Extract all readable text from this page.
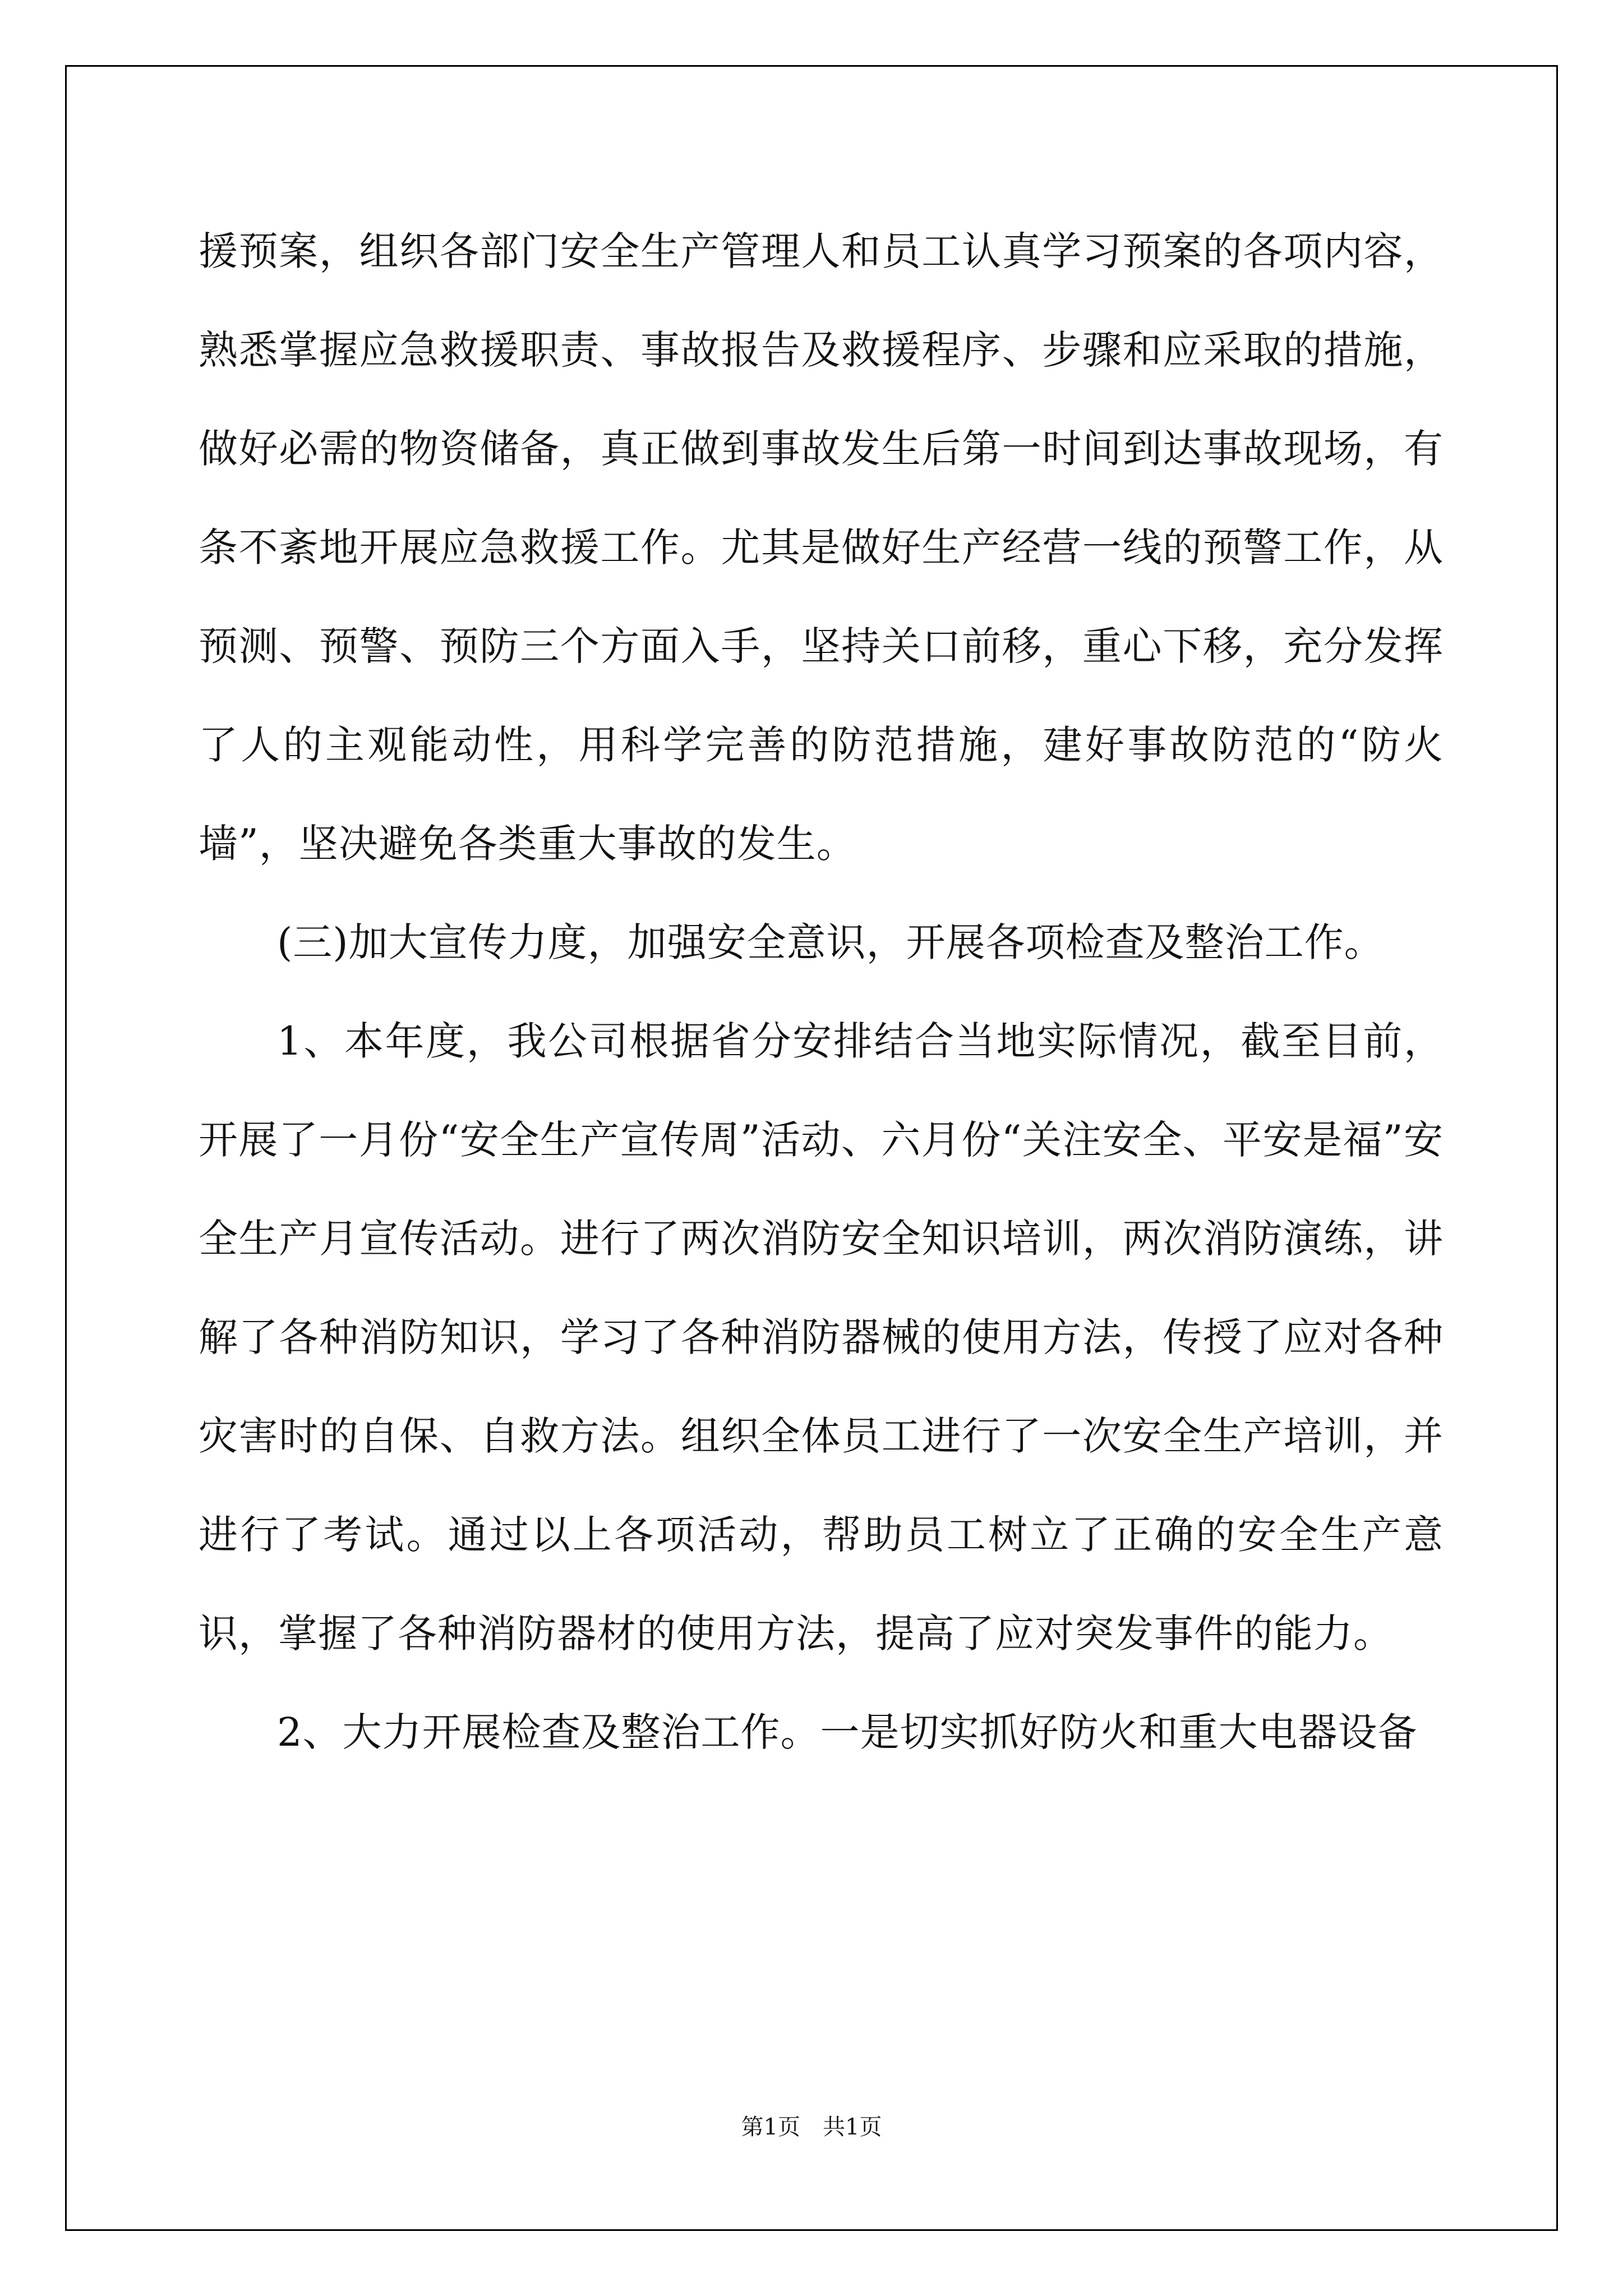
援预案，组织各部门安全生产管理人和员工认真学习预案的各项内容，熟悉掌握应急救援职责、事故报告及救援程序、步骤和应采取的措施，做好必需的物资储备，真正做到事故发生后第一时间到达事故现场，有条不紊地开展应急救援工作。尤其是做好生产经营一线的预警工作，从预测、预警、预防三个方面入手，坚持关口前移，重心下移，充分发挥了人的主观能动性，用科学完善的防范措施，建好事故防范的“防火墙”，坚决避免各类重大事故的发生。

(三)加大宣传力度，加强安全意识，开展各项检查及整治工作。

1、本年度，我公司根据省分安排结合当地实际情况，截至目前，开展了一月份“安全生产宣传周”活动、六月份“关注安全、平安是福”安全生产月宣传活动。进行了两次消防安全知识培训，两次消防演练，讲解了各种消防知识，学习了各种消防器械的使用方法，传授了应对各种灾害时的自保、自救方法。组织全体员工进行了一次安全生产培训，并进行了考试。通过以上各项活动，帮助员工树立了正确的安全生产意识，掌握了各种消防器材的使用方法，提高了应对突发事件的能力。

2、大力开展检查及整治工作。一是切实抓好防火和重大电器设备

第1页　共1页
